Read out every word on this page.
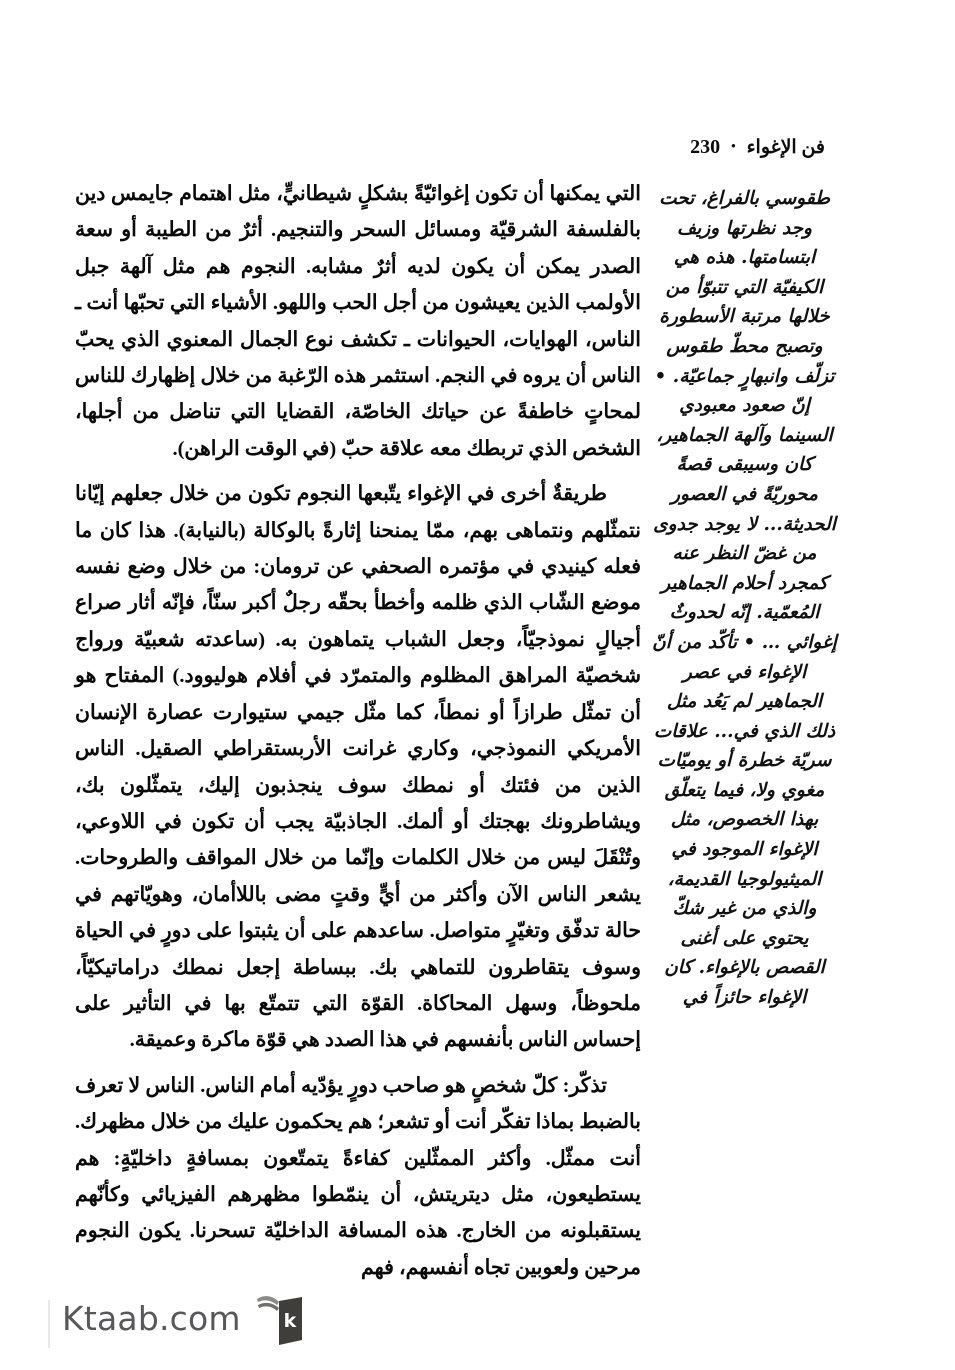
فن الإغواء
•
230

التي يمكنها أن تكون إغوائيّةً بشكلٍ شيطانيٍّ، مثل اهتمام جايمس دين بالفلسفة الشرقيّة ومسائل السحر والتنجيم. أثرٌ من الطيبة أو سعة الصدر يمكن أن يكون لديه أثرٌ مشابه. النجوم هم مثل آلهة جبل الأولمب الذين يعيشون من أجل الحب واللهو. الأشياء التي تحبّها أنت ـ الناس، الهوايات، الحيوانات ـ تكشف نوع الجمال المعنوي الذي يحبّ الناس أن يروه في النجم. استثمر هذه الرّغبة من خلال إظهارك للناس لمحاتٍ خاطفةً عن حياتك الخاصّة، القضايا التي تناضل من أجلها، الشخص الذي تربطك معه علاقة حبّ (في الوقت الراهن).

طريقةٌ أخرى في الإغواء يتّبعها النجوم تكون من خلال جعلهم إيّانا نتمثّلهم ونتماهى بهم، ممّا يمنحنا إثارةً بالوكالة (بالنيابة). هذا كان ما فعله كينيدي في مؤتمره الصحفي عن ترومان: من خلال وضع نفسه موضع الشّاب الذي ظلمه وأخطأ بحقّه رجلٌ أكبر سنّاً، فإنّه أثار صراع أجيالٍ نموذجيّاً، وجعل الشباب يتماهون به. (ساعدته شعبيّة ورواج شخصيّة المراهق المظلوم والمتمرّد في أفلام هوليوود.) المفتاح هو أن تمثّل طرازاً أو نمطاً، كما مثّل جيمي ستيوارت عصارة الإنسان الأمريكي النموذجي، وكاري غرانت الأربستقراطي الصقيل. الناس الذين من فئتك أو نمطك سوف ينجذبون إليك، يتمثّلون بك، ويشاطرونك بهجتك أو ألمك. الجاذبيّة يجب أن تكون في اللاوعي، وتُنْقَلَ ليس من خلال الكلمات وإنّما من خلال المواقف والطروحات. يشعر الناس الآن وأكثر من أيٍّ وقتٍ مضى باللاأمان، وهويّاتهم في حالة تدفّق وتغيّرٍ متواصل. ساعدهم على أن يثبتوا على دورٍ في الحياة وسوف يتقاطرون للتماهي بك. ببساطة إجعل نمطك دراماتيكيّاً، ملحوظاً، وسهل المحاكاة. القوّة التي تتمتّع بها في التأثير على إحساس الناس بأنفسهم في هذا الصدد هي قوّة ماكرة وعميقة.

تذكّر: كلّ شخصٍ هو صاحب دورٍ يؤدّيه أمام الناس. الناس لا تعرف بالضبط بماذا تفكّر أنت أو تشعر؛ هم يحكمون عليك من خلال مظهرك. أنت ممثّل. وأكثر الممثّلين كفاءةً يتمتّعون بمسافةٍ داخليّةٍ: هم يستطيعون، مثل ديتريتش، أن ينمّطوا مظهرهم الفيزيائي وكأنّهم يستقبلونه من الخارج. هذه المسافة الداخليّة تسحرنا. يكون النجوم مرحين ولعوبين تجاه أنفسهم، فهم

طقوسي بالفراغ، تحت وجد نظرتها وزيف ابتسامتها. هذه هي الكيفيّة التي تتبوّأ من خلالها مرتبة الأسطورة وتصبح محطّ طقوس تزلّف وانبهارٍ جماعيّة. • إنّ صعود معبودي السينما وآلهة الجماهير، كان وسيبقى قصةً محوريّةً في العصور الحديثة... لا يوجد جدوى من غضّ النظر عنه كمجرد أحلام الجماهير المُعمّية. إنّه لحدوثٌ إغوائي … • تأكّد من أنّ الإغواء في عصر الجماهير لم يَعُد مثل ذلك الذي في... علاقات سريّة خطرة أو يوميّات مغوي ولا، فيما يتعلّق بهذا الخصوص، مثل الإغواء الموجود في الميثيولوجيا القديمة، والذي من غير شكّ يحتوي على أغنى القصص بالإغواء. كان الإغواء حائزاً في

k
Ktaab.com
